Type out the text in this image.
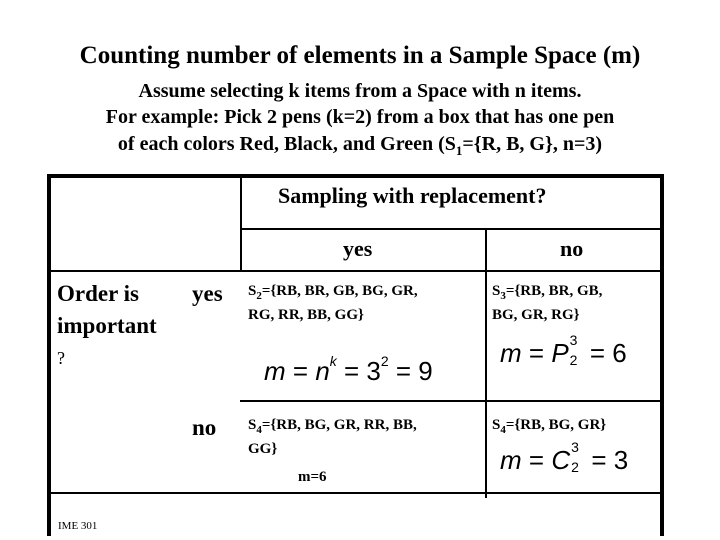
Counting number of elements in a Sample Space (m)
Assume selecting k items from a Space with n items.
For example: Pick 2 pens (k=2) from a box that has one pen
of each colors Red, Black, and Green ($S_1=\{R$, B, G}, n=3)
Sampling with replacement?
yes	no
Order is
important
?
yes
no
$S_2=\{RB$, BR, GB, BG, GR,
RG, RR, BB, GG}
$m = n^k = 3^2 = 9$
$S_3=\{RB$, BR, GB,
BG, GR, RG}
m = P 3
2 = 6
$S_4=\{RB$, BG, GR, RR, BB,
GG}
m=6
$S_4=\{RB$, BG, GR}
m = C 3
2 = 3
IME 301
